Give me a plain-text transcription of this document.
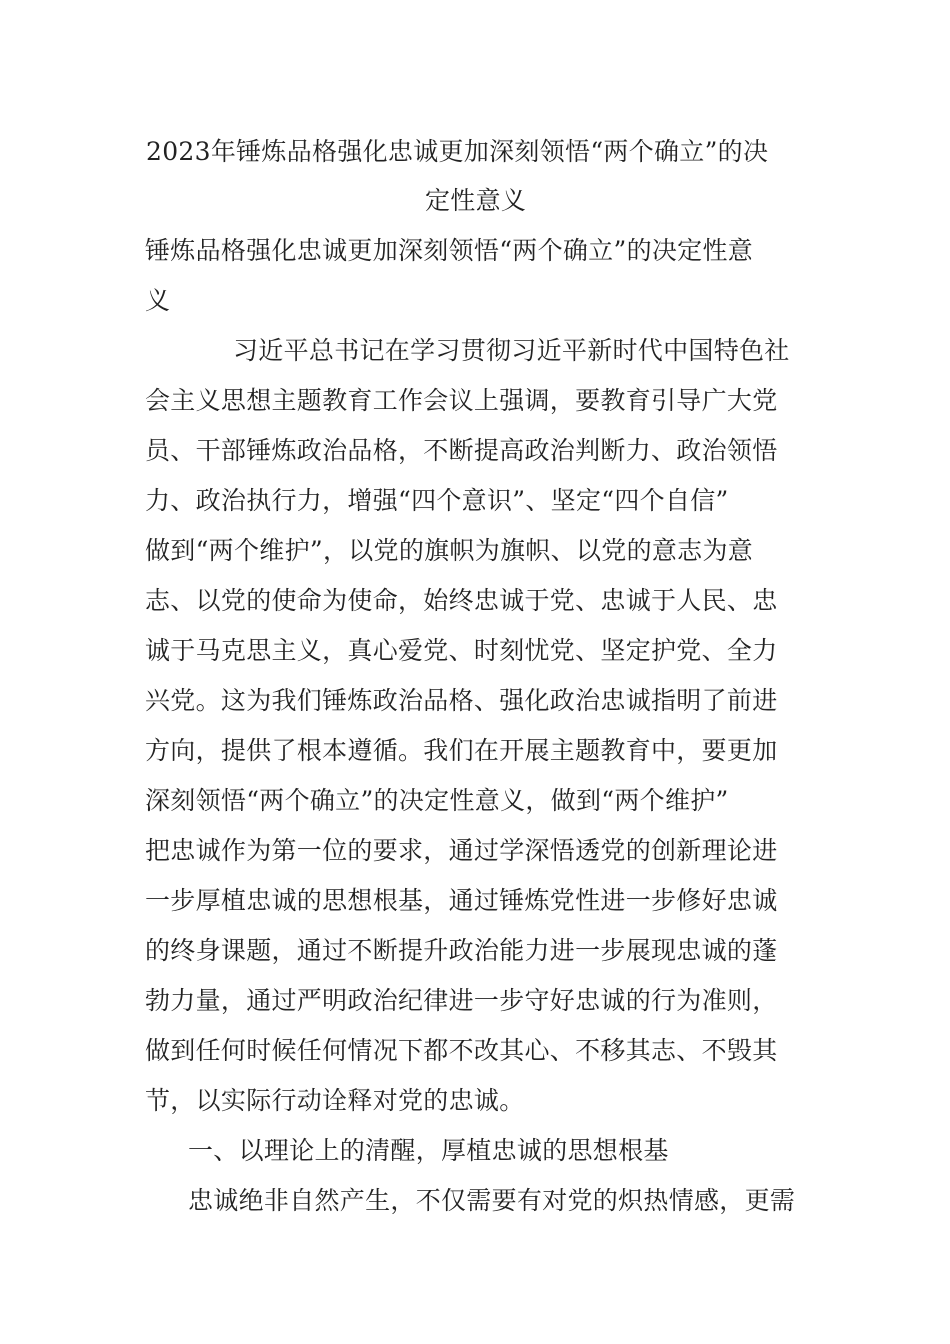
2023年锤炼品格强化忠诚更加深刻领悟“两个确立”的决
定性意义
锤炼品格强化忠诚更加深刻领悟“两个确立”的决定性意
义
习近平总书记在学习贯彻习近平新时代中国特色社
会主义思想主题教育工作会议上强调，要教育引导广大党
员、干部锤炼政治品格，不断提高政治判断力、政治领悟
力、政治执行力，增强“四个意识”、坚定“四个自信”
做到“两个维护”，以党的旗帜为旗帜、以党的意志为意
志、以党的使命为使命，始终忠诚于党、忠诚于人民、忠
诚于马克思主义，真心爱党、时刻忧党、坚定护党、全力
兴党。这为我们锤炼政治品格、强化政治忠诚指明了前进
方向，提供了根本遵循。我们在开展主题教育中，要更加
深刻领悟“两个确立”的决定性意义，做到“两个维护”
把忠诚作为第一位的要求，通过学深悟透党的创新理论进
一步厚植忠诚的思想根基，通过锤炼党性进一步修好忠诚
的终身课题，通过不断提升政治能力进一步展现忠诚的蓬
勃力量，通过严明政治纪律进一步守好忠诚的行为准则，
做到任何时候任何情况下都不改其心、不移其志、不毁其
节，以实际行动诠释对党的忠诚。
一、以理论上的清醒，厚植忠诚的思想根基
忠诚绝非自然产生，不仅需要有对党的炽热情感，更需
